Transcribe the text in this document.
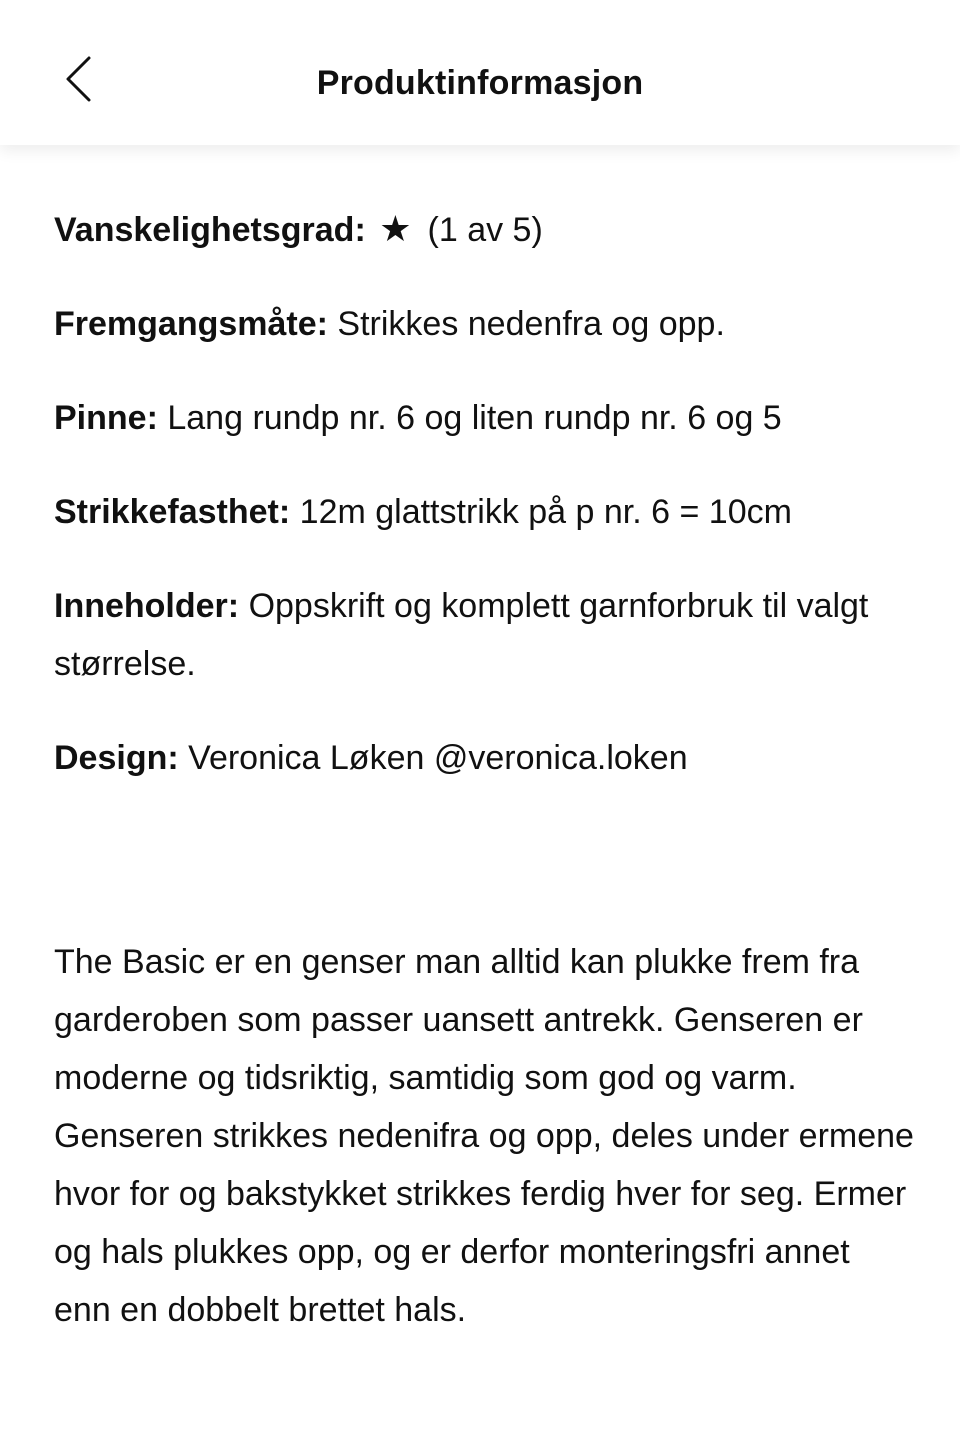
Produktinformasjon

Vanskelighetsgrad: ★ (1 av 5)

Fremgangsmåte: Strikkes nedenfra og opp.

Pinne: Lang rundp nr. 6 og liten rundp nr. 6 og 5

Strikkefasthet: 12m glattstrikk på p nr. 6 = 10cm

Inneholder: Oppskrift og komplett garnforbruk til valgt størrelse.

Design: Veronica Løken @veronica.loken

The Basic er en genser man alltid kan plukke frem fra garderoben som passer uansett antrekk. Genseren er moderne og tidsriktig, samtidig som god og varm. Genseren strikkes nedenifra og opp, deles under ermene hvor for og bakstykket strikkes ferdig hver for seg. Ermer og hals plukkes opp, og er derfor monteringsfri annet enn en dobbelt brettet hals.
